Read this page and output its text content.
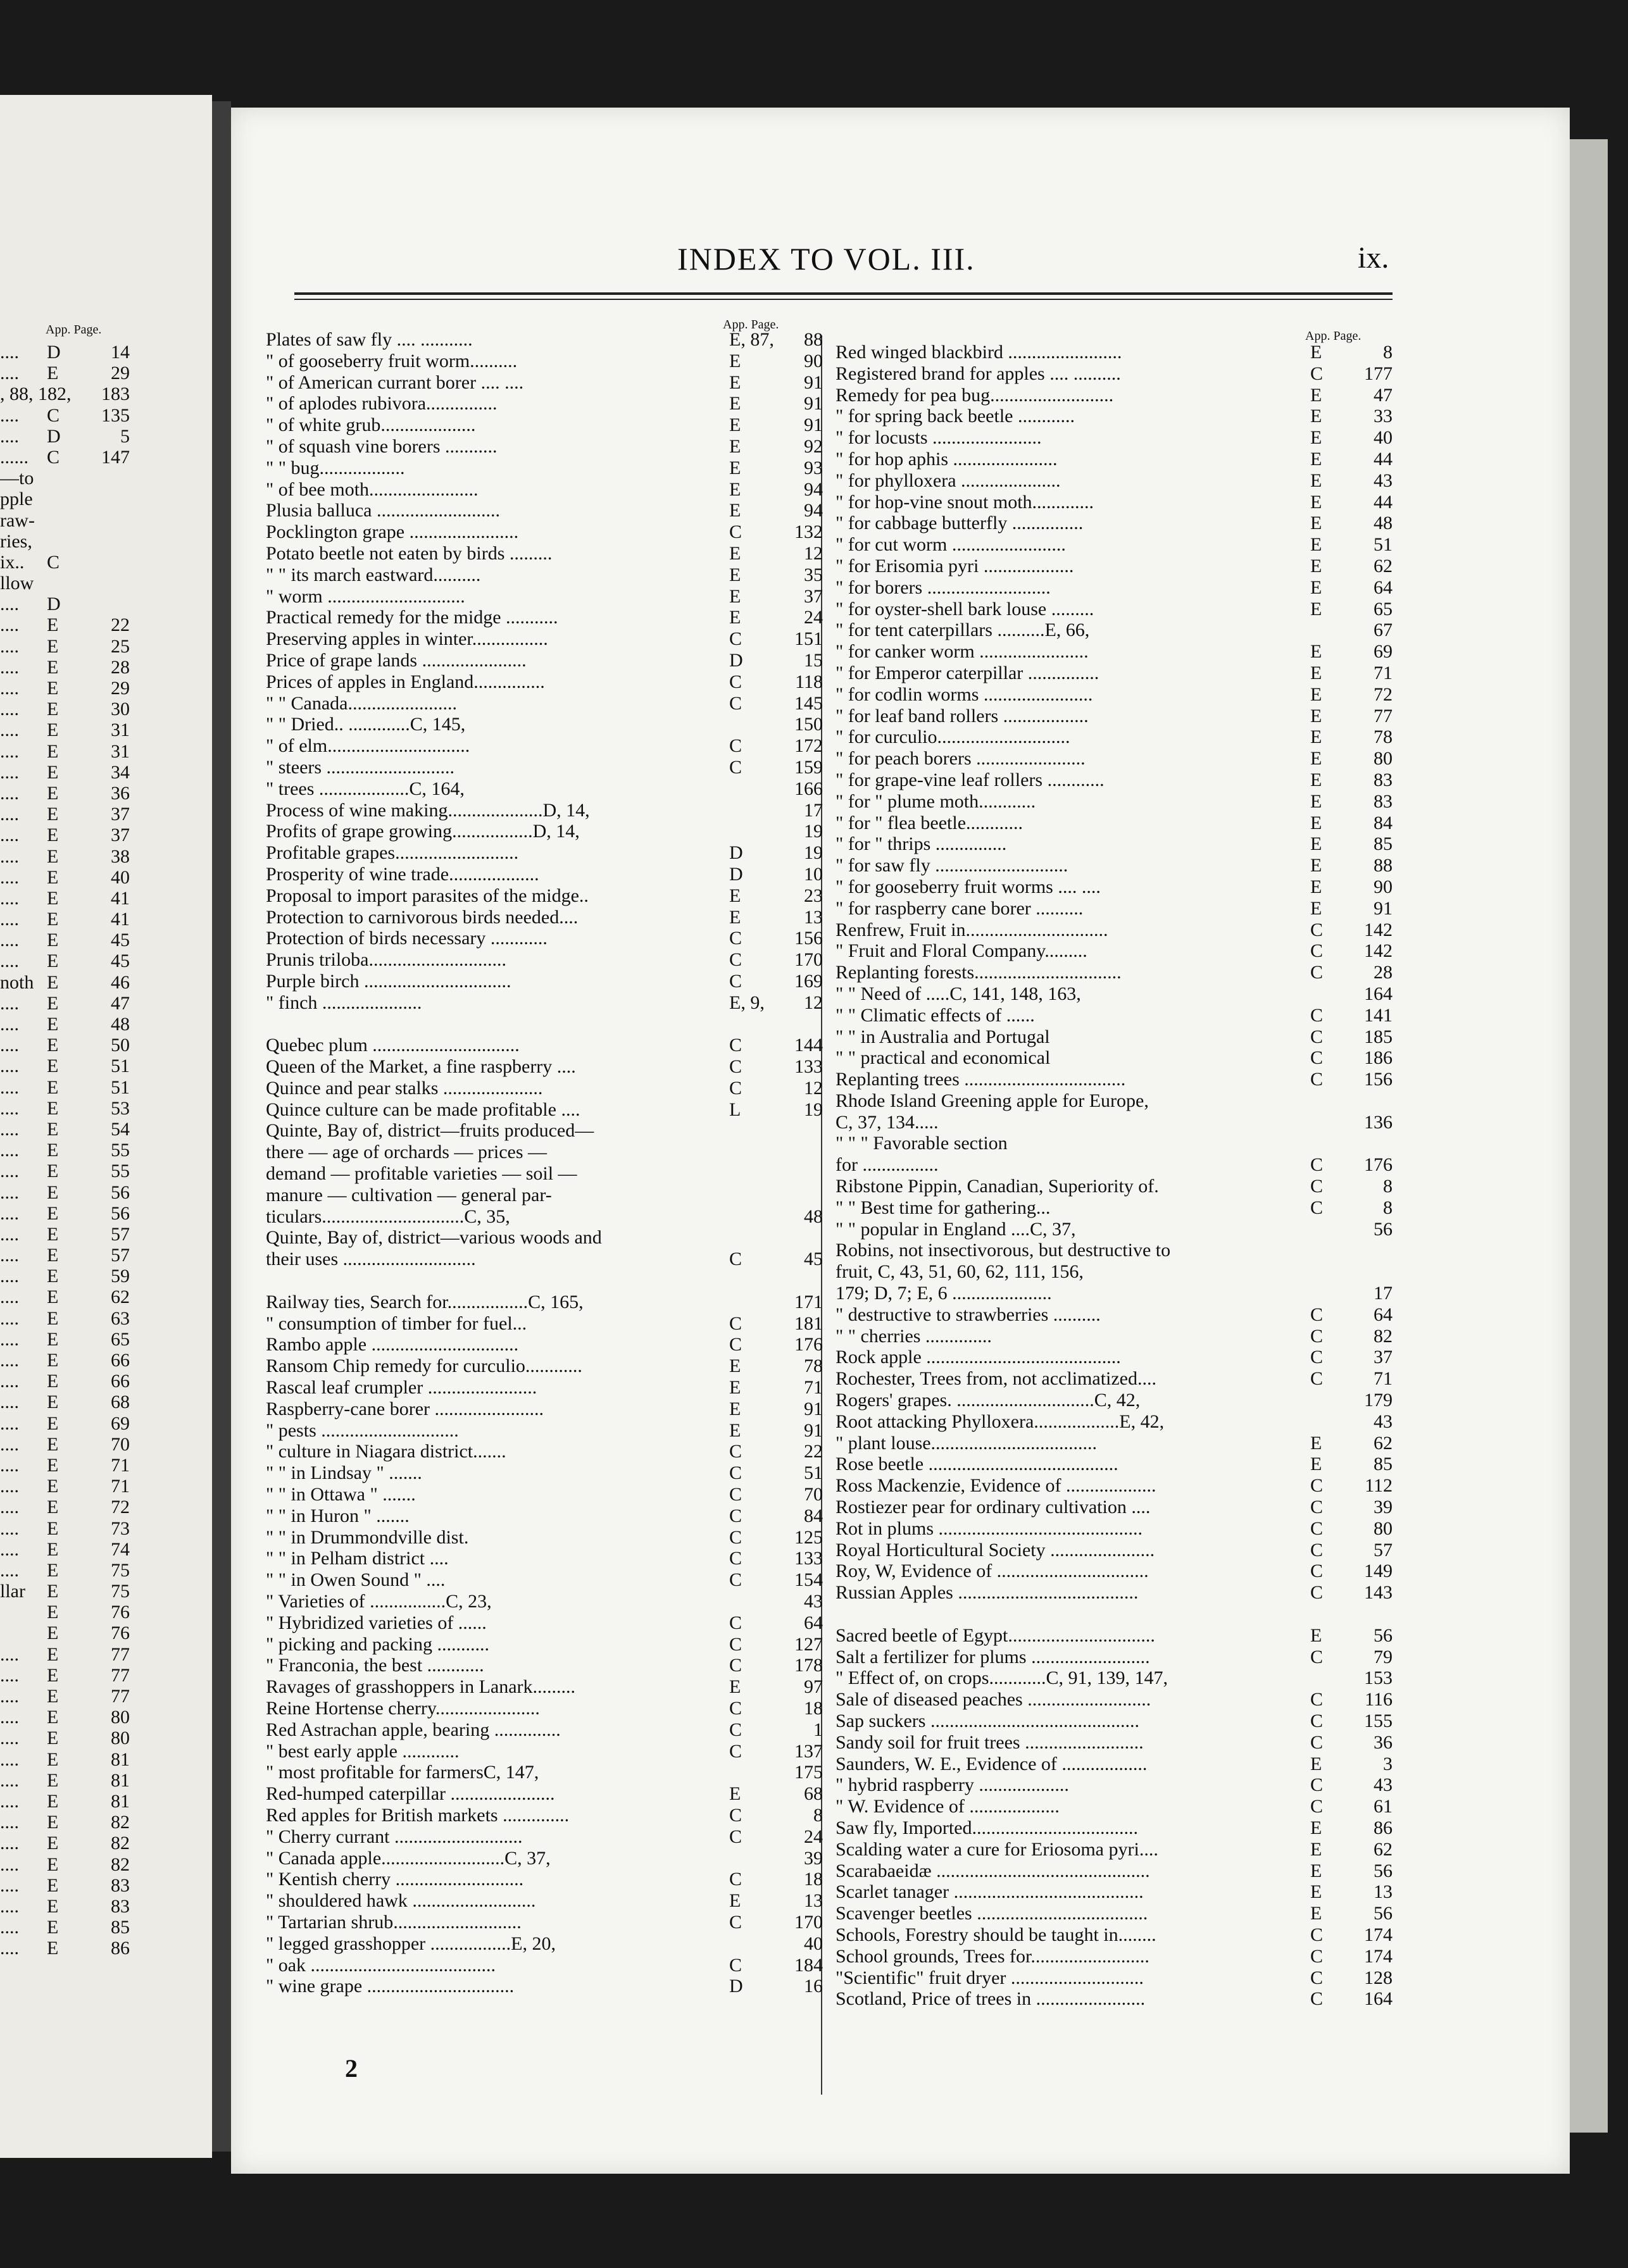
App. Page.
.... D	14
.... E	29
, 88, 182, 183
.... C 135
.... D	5
...... C 147
—to
pple
raw-
ries,
ix.. C
llow
.... D
.... E	22
.... E	25
.... E	28
.... E	29
.... E	30
.... E	31
.... E	31
.... E	34
.... E	36
.... E	37
.... E	37
.... E	38
.... E	40
.... E	41
.... E	41
.... E	45
.... E	45
noth E	46
.... E	47
.... E	48
.... E	50
.... E	51
.... E	51
.... E	53
.... E	54
.... E	55
.... E	55
.... E	56
.... E	56
.... E	57
.... E	57
.... E	59
.... E	62
.... E	63
.... E	65
.... E	66
.... E	66
.... E	68
.... E	69
.... E	70
.... E	71
.... E	71
.... E	72
.... E	73
.... E	74
.... E	75
llar E	75
E	76
E	76
.... E	77
.... E	77
.... E	77
.... E	80
.... E	80
.... E	81
.... E	81
.... E	81
.... E	82
.... E	82
.... E	82
.... E	83
.... E	83
.... E	85
.... E	86
INDEX TO VOL. III.	ix.
App. Page.
Plates of saw fly .... ...........	E, 87, 88
" of gooseberry fruit worm..........	E	90
" of American currant borer .... ....	E	91
" of aplodes rubivora...............	E	91
" of white grub....................	E	91
" of squash vine borers ...........	E	92
" " bug..................	E	93
" of bee moth.......................	E	94
Plusia balluca ..........................	E	94
Pocklington grape .......................	C	132
Potato beetle not eaten by birds .........	E	12
" " its march eastward..........	E	35
" worm .............................	E	37
Practical remedy for the midge ...........	E	24
Preserving apples in winter................	C	151
Price of grape lands ......................	D	15
Prices of apples in England...............	C	118
" " Canada.......................	C	145
" " Dried.. .............C, 145,	150
" of elm..............................	C	172
" steers ...........................	C	159
" trees ...................C, 164,	166
Process of wine making....................D, 14,	17
Profits of grape growing.................D, 14,	19
Profitable grapes..........................	D	19
Prosperity of wine trade...................	D	10
Proposal to import parasites of the midge..	E	23
Protection to carnivorous birds needed....	E	13
Protection of birds necessary ............	C	156
Prunis triloba.............................	C	170
Purple birch ...............................	C	169
" finch .....................	E, 9, 12
Quebec plum ...............................	C	144
Queen of the Market, a fine raspberry ....	C	133
Quince and pear stalks .....................	C	12
Quince culture can be made profitable ....	L	19
Quinte, Bay of, district—fruits produced—
there — age of orchards — prices —
demand — profitable varieties — soil —
manure — cultivation — general par-
ticulars..............................C, 35,	48
Quinte, Bay of, district—various woods and
their uses ............................	C	45
Railway ties, Search for.................C, 165,	171
" consumption of timber for fuel...	C	181
Rambo apple ...............................	C	176
Ransom Chip remedy for curculio............	E	78
Rascal leaf crumpler .......................	E	71
Raspberry-cane borer .......................	E	91
" pests .............................	E	91
" culture in Niagara district.......	C	22
" " in Lindsay " .......	C	51
" " in Ottawa " .......	C	70
" " in Huron " .......	C	84
" " in Drummondville dist.	C	125
" " in Pelham district ....	C	133
" " in Owen Sound " ....	C	154
" Varieties of ................C, 23,	43
" Hybridized varieties of ......	C	64
" picking and packing ...........	C	127
" Franconia, the best ............	C	178
Ravages of grasshoppers in Lanark.........	E	97
Reine Hortense cherry......................	C	18
Red Astrachan apple, bearing ..............	C	1
" best early apple ............	C	137
" most profitable for farmersC, 147,	175
Red-humped caterpillar ......................	E	68
Red apples for British markets ..............	C	8
" Cherry currant ...........................	C	24
" Canada apple..........................C, 37,	39
" Kentish cherry ...........................	C	18
" shouldered hawk ..........................	E	13
" Tartarian shrub...........................	C	170
" legged grasshopper .................E, 20,	40
" oak .......................................	C	184
" wine grape ...............................	D	16
App. Page.
Red winged blackbird ........................	E	8
Registered brand for apples .... ..........	C 177
Remedy for pea bug..........................	E	47
" for spring back beetle ............	E	33
" for locusts .......................	E	40
" for hop aphis ......................	E	44
" for phylloxera .....................	E	43
" for hop-vine snout moth.............	E	44
" for cabbage butterfly ...............	E	48
" for cut worm ........................	E	51
" for Erisomia pyri ...................	E	62
" for borers ..........................	E	64
" for oyster-shell bark louse .........	E	65
" for tent caterpillars ..........E, 66,	67
" for canker worm .......................	E	69
" for Emperor caterpillar ...............	E	71
" for codlin worms .......................	E	72
" for leaf band rollers ..................	E	77
" for curculio............................	E	78
" for peach borers .......................	E	80
" for grape-vine leaf rollers ............	E	83
" for " plume moth............	E	83
" for " flea beetle............	E	84
" for " thrips ...............	E	85
" for saw fly ............................	E	88
" for gooseberry fruit worms .... ....	E	90
" for raspberry cane borer ..........	E	91
Renfrew, Fruit in..............................	C 142
" Fruit and Floral Company.........	C 142
Replanting forests...............................	C	28
" " Need of .....C, 141, 148, 163,	164
" " Climatic effects of ......	C 141
" " in Australia and Portugal	C 185
" " practical and economical	C 186
Replanting trees ..................................	C 156
Rhode Island Greening apple for Europe,
C, 37, 134.....	136
" " " Favorable section
for ................	C 176
Ribstone Pippin, Canadian, Superiority of.	C	8
" " Best time for gathering...	C	8
" " popular in England ....C, 37,	56
Robins, not insectivorous, but destructive to
fruit, C, 43, 51, 60, 62, 111, 156,
179; D, 7; E, 6 .....................	17
" destructive to strawberries ..........	C	64
" " cherries ..............	C	82
Rock apple .........................................	C	37
Rochester, Trees from, not acclimatized....	C	71
Rogers' grapes. .............................C, 42,	179
Root attacking Phylloxera..................E, 42,	43
" plant louse...................................	E	62
Rose beetle ........................................	E	85
Ross Mackenzie, Evidence of ...................	C 112
Rostiezer pear for ordinary cultivation ....	C	39
Rot in plums ...........................................	C	80
Royal Horticultural Society ......................	C	57
Roy, W, Evidence of ................................	C 149
Russian Apples ......................................	C 143
Sacred beetle of Egypt...............................	E	56
Salt a fertilizer for plums .........................	C	79
" Effect of, on crops............C, 91, 139, 147,	153
Sale of diseased peaches ..........................	C 116
Sap suckers ............................................	C 155
Sandy soil for fruit trees .........................	C	36
Saunders, W. E., Evidence of ..................	E	3
" hybrid raspberry ...................	C	43
" W. Evidence of ...................	C	61
Saw fly, Imported...................................	E	86
Scalding water a cure for Eriosoma pyri....	E	62
Scarabaeidæ .............................................	E	56
Scarlet tanager ........................................	E	13
Scavenger beetles ....................................	E	56
Schools, Forestry should be taught in........	C 174
School grounds, Trees for.........................	C 174
"Scientific" fruit dryer ............................	C 128
Scotland, Price of trees in .......................	C 164
2
